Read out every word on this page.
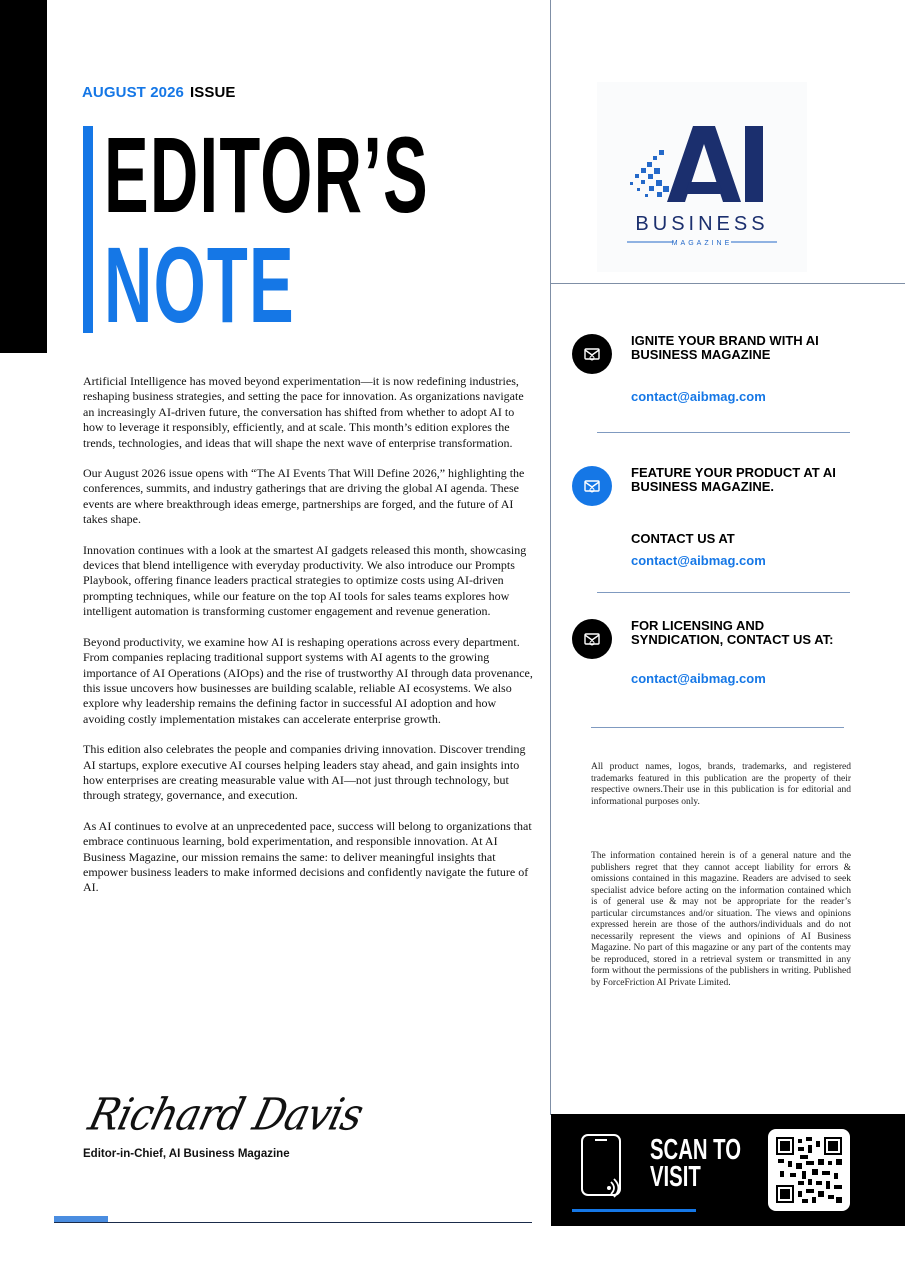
AUGUST 2026 ISSUE
EDITOR’S
NOTE

Artificial Intelligence has moved beyond experimentation—it is now redefining industries, reshaping business strategies, and setting the pace for innovation. As organizations navigate an increasingly AI-driven future, the conversation has shifted from whether to adopt AI to how to leverage it responsibly, efficiently, and at scale. This month’s edition explores the trends, technologies, and ideas that will shape the next wave of enterprise transformation.

Our August 2026 issue opens with “The AI Events That Will Define 2026,” highlighting the conferences, summits, and industry gatherings that are driving the global AI agenda. These events are where breakthrough ideas emerge, partnerships are forged, and the future of AI takes shape.

Innovation continues with a look at the smartest AI gadgets released this month, showcasing devices that blend intelligence with everyday productivity. We also introduce our Prompts Playbook, offering finance leaders practical strategies to optimize costs using AI-driven prompting techniques, while our feature on the top AI tools for sales teams explores how intelligent automation is transforming customer engagement and revenue generation.

Beyond productivity, we examine how AI is reshaping operations across every department. From companies replacing traditional support systems with AI agents to the growing importance of AI Operations (AIOps) and the rise of trustworthy AI through data provenance, this issue uncovers how businesses are building scalable, reliable AI ecosystems. We also explore why leadership remains the defining factor in successful AI adoption and how avoiding costly implementation mistakes can accelerate enterprise growth.

This edition also celebrates the people and companies driving innovation. Discover trending AI startups, explore executive AI courses helping leaders stay ahead, and gain insights into how enterprises are creating measurable value with AI—not just through technology, but through strategy, governance, and execution.

As AI continues to evolve at an unprecedented pace, success will belong to organizations that embrace continuous learning, bold experimentation, and responsible innovation. At AI Business Magazine, our mission remains the same: to deliver meaningful insights that empower business leaders to make informed decisions and confidently navigate the future of AI.

Richard Davis
Editor-in-Chief, AI Business Magazine
BUSINESS
MAGAZINE
IGNITE YOUR BRAND WITH AI BUSINESS MAGAZINE
contact@aibmag.com
FEATURE YOUR PRODUCT AT AI BUSINESS MAGAZINE.
CONTACT US AT
contact@aibmag.com
FOR LICENSING AND SYNDICATION, CONTACT US AT:
contact@aibmag.com
All product names, logos, brands, trademarks, and registered trademarks featured in this publication are the property of their respective owners.Their use in this publication is for editorial and informational purposes only.
The information contained herein is of a general nature and the publishers regret that they cannot accept liability for errors & omissions contained in this magazine. Readers are advised to seek specialist advice before acting on the information contained which is of general use & may not be appropriate for the reader’s particular circumstances and/or situation. The views and opinions expressed herein are those of the authors/individuals and do not necessarily represent the views and opinions of AI Business Magazine. No part of this magazine or any part of the contents may be reproduced, stored in a retrieval system or transmitted in any form without the permissions of the publishers in writing. Published by ForceFriction AI Private Limited.
SCAN TO
VISIT
